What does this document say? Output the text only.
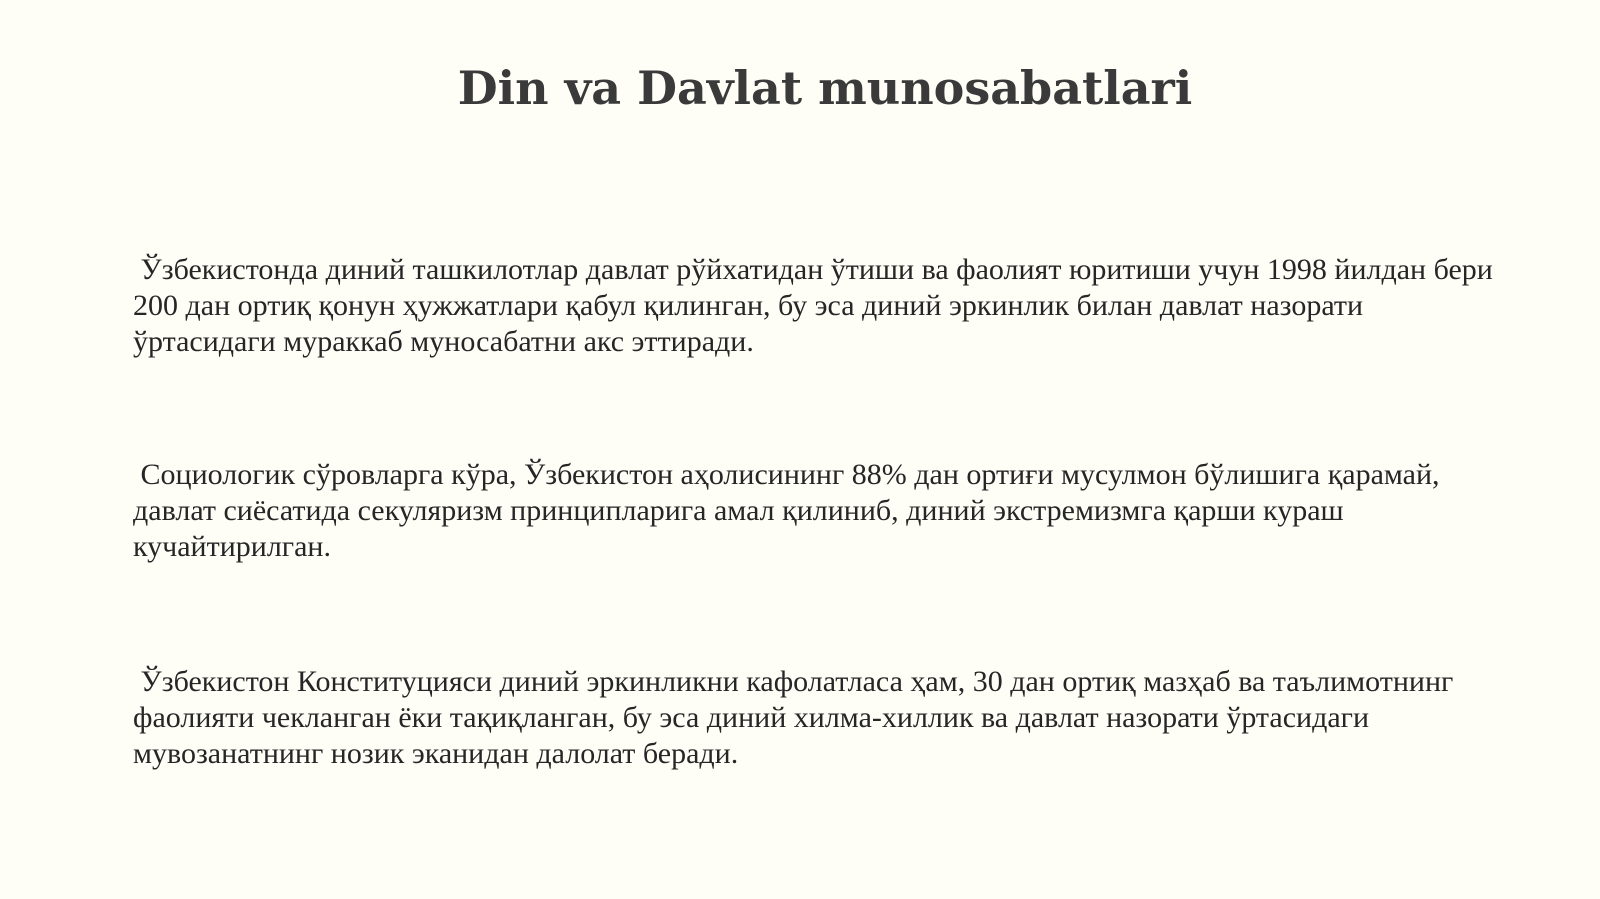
Din va Davlat munosabatlari

Ўзбекистонда диний ташкилотлар давлат рўйхатидан ўтиши ва фаолият юритиши учун 1998 йилдан бери 200 дан ортиқ қонун ҳужжатлари қабул қилинган, бу эса диний эркинлик билан давлат назорати ўртасидаги мураккаб муносабатни акс эттиради.

Социологик сўровларга кўра, Ўзбекистон аҳолисининг 88% дан ортиғи мусулмон бўлишига қарамай, давлат сиёсатида секуляризм принципларига амал қилиниб, диний экстремизмга қарши кураш кучайтирилган.

Ўзбекистон Конституцияси диний эркинликни кафолатласа ҳам, 30 дан ортиқ мазҳаб ва таълимотнинг фаолияти чекланган ёки тақиқланган, бу эса диний хилма-хиллик ва давлат назорати ўртасидаги мувозанатнинг нозик эканидан далолат беради.
